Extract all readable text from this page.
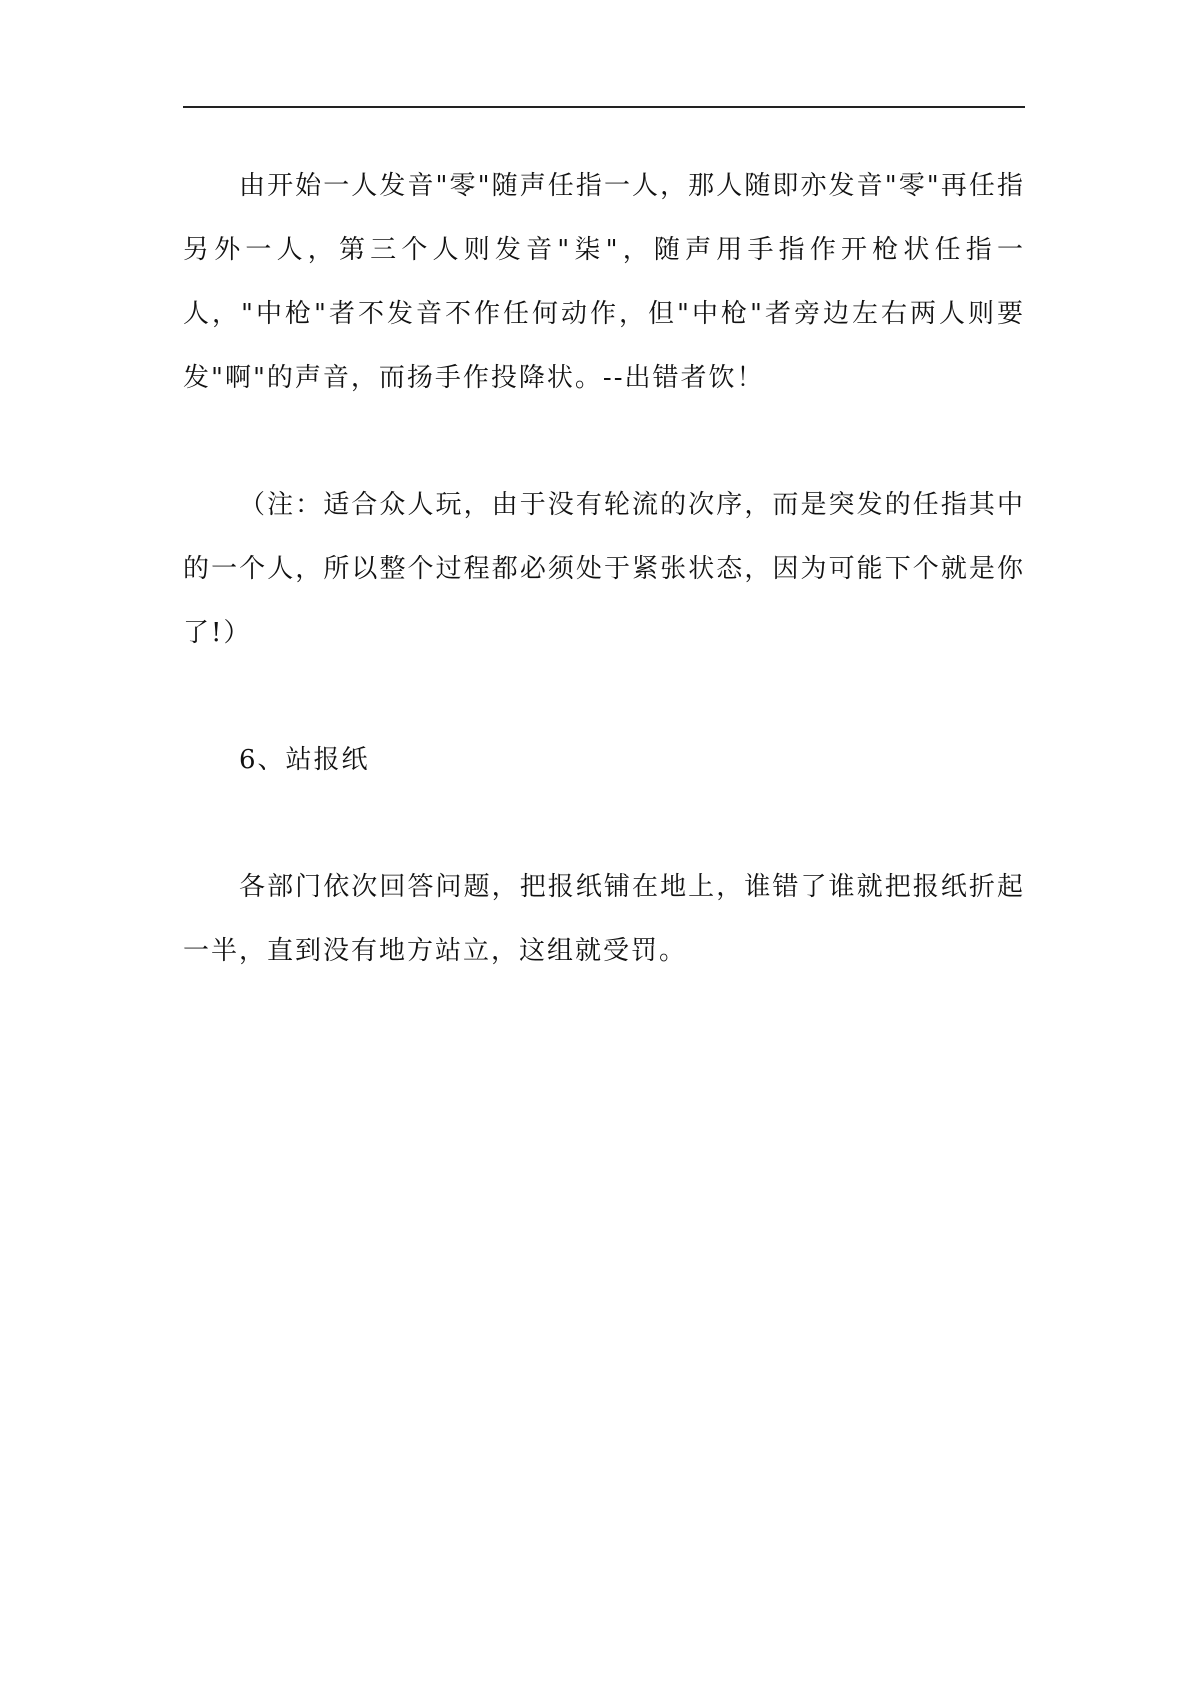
由开始一人发音"零"随声任指一人，那人随即亦发音"零"再任指另外一人，第三个人则发音"柒"，随声用手指作开枪状任指一人，"中枪"者不发音不作任何动作，但"中枪"者旁边左右两人则要发"啊"的声音，而扬手作投降状。--出错者饮！

（注：适合众人玩，由于没有轮流的次序，而是突发的任指其中的一个人，所以整个过程都必须处于紧张状态，因为可能下个就是你了!）

6、站报纸

各部门依次回答问题，把报纸铺在地上，谁错了谁就把报纸折起一半，直到没有地方站立，这组就受罚。
